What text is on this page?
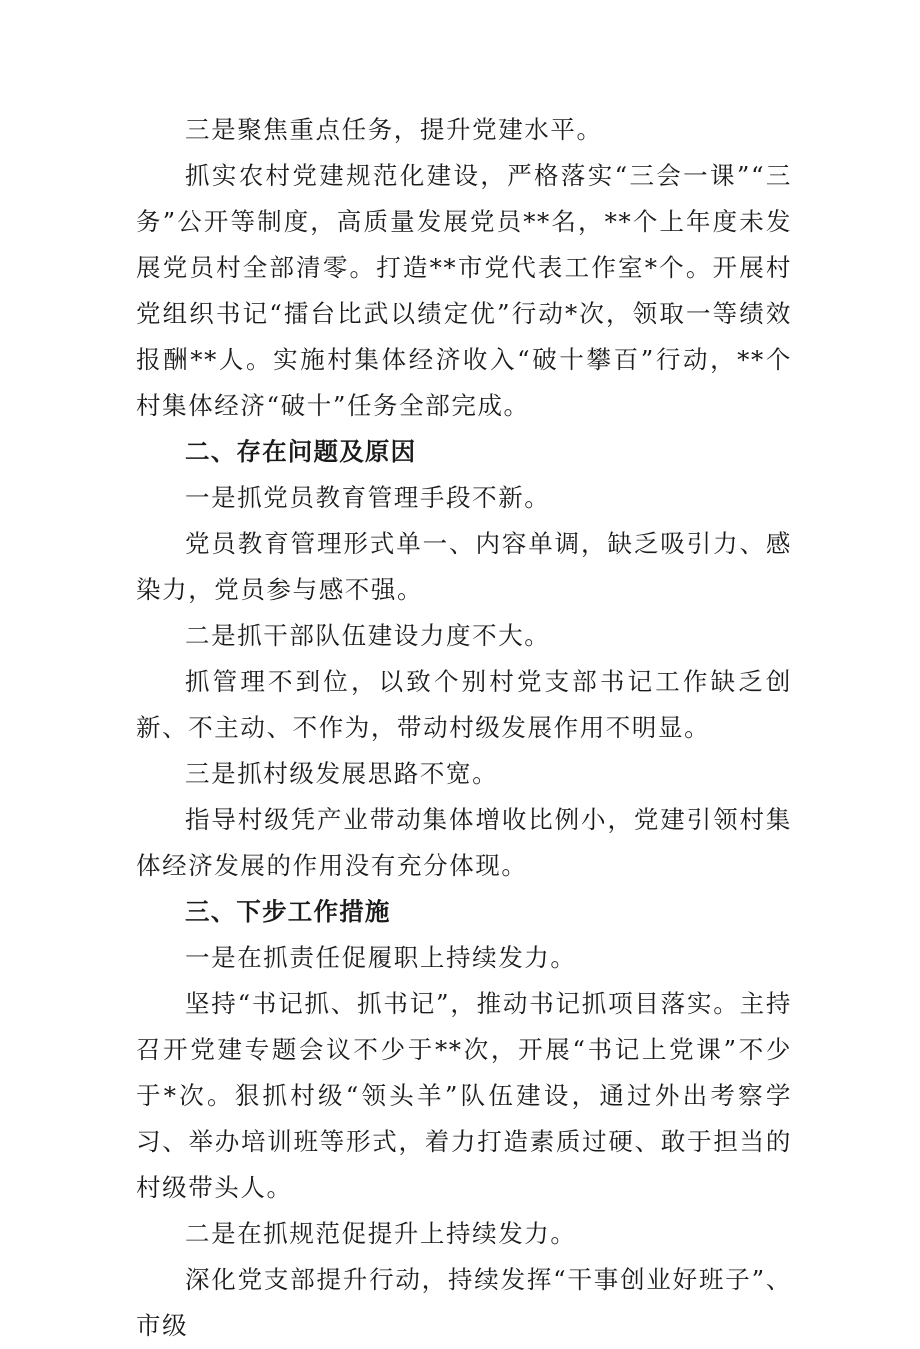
三是聚焦重点任务，提升党建水平。

抓实农村党建规范化建设，严格落实“三会一课”“三务”公开等制度，高质量发展党员**名，**个上年度未发展党员村全部清零。打造**市党代表工作室*个。开展村党组织书记“擂台比武以绩定优”行动*次，领取一等绩效报酬**人。实施村集体经济收入“破十攀百”行动，**个村集体经济“破十”任务全部完成。

二、存在问题及原因

一是抓党员教育管理手段不新。

党员教育管理形式单一、内容单调，缺乏吸引力、感染力，党员参与感不强。

二是抓干部队伍建设力度不大。

抓管理不到位，以致个别村党支部书记工作缺乏创新、不主动、不作为，带动村级发展作用不明显。

三是抓村级发展思路不宽。

指导村级凭产业带动集体增收比例小，党建引领村集体经济发展的作用没有充分体现。

三、下步工作措施

一是在抓责任促履职上持续发力。

坚持“书记抓、抓书记”，推动书记抓项目落实。主持召开党建专题会议不少于**次，开展“书记上党课”不少于*次。狠抓村级“领头羊”队伍建设，通过外出考察学习、举办培训班等形式，着力打造素质过硬、敢于担当的村级带头人。

二是在抓规范促提升上持续发力。

深化党支部提升行动，持续发挥“干事创业好班子”、市级
